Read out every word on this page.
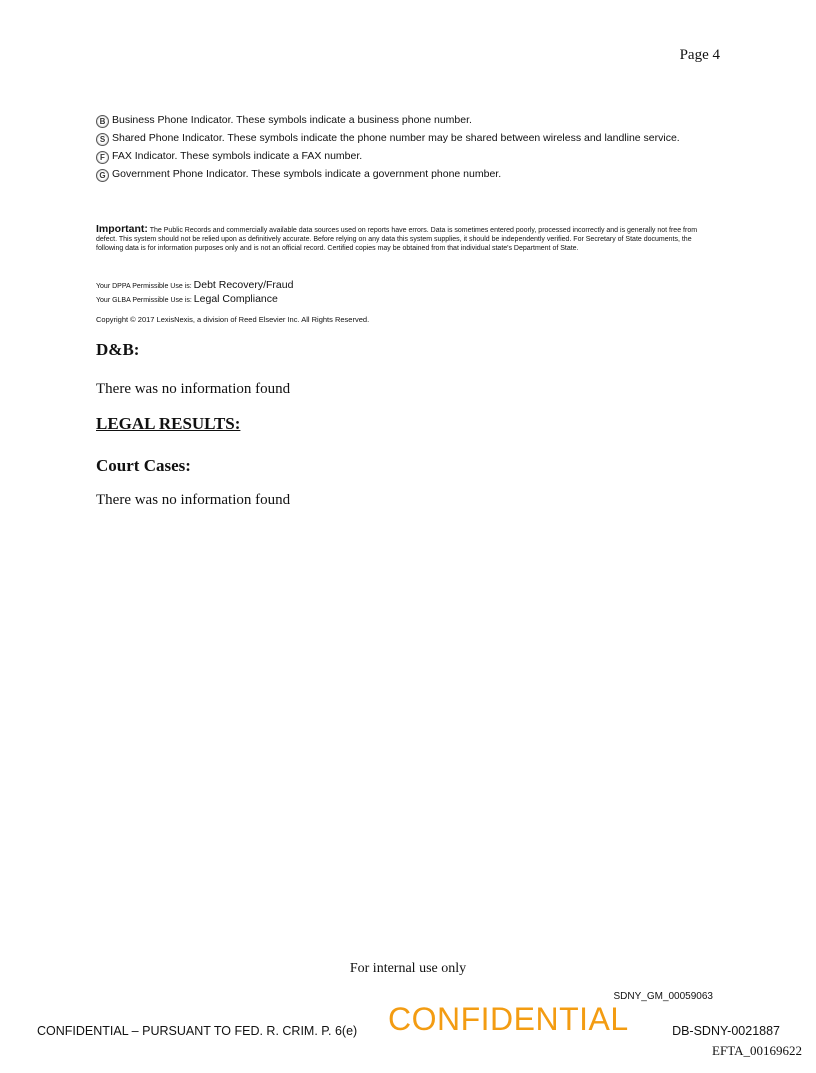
Page 4
B Business Phone Indicator. These symbols indicate a business phone number.
S Shared Phone Indicator. These symbols indicate the phone number may be shared between wireless and landline service.
F FAX Indicator. These symbols indicate a FAX number.
G Government Phone Indicator. These symbols indicate a government phone number.
Important: The Public Records and commercially available data sources used on reports have errors. Data is sometimes entered poorly, processed incorrectly and is generally not free from defect. This system should not be relied upon as definitively accurate. Before relying on any data this system supplies, it should be independently verified. For Secretary of State documents, the following data is for information purposes only and is not an official record. Certified copies may be obtained from that individual state's Department of State.
Your DPPA Permissible Use is: Debt Recovery/Fraud
Your GLBA Permissible Use is: Legal Compliance
Copyright © 2017 LexisNexis, a division of Reed Elsevier Inc. All Rights Reserved.
D&B:
There was no information found
LEGAL RESULTS:
Court Cases:
There was no information found
For internal use only
SDNY_GM_00059063
CONFIDENTIAL – PURSUANT TO FED. R. CRIM. P. 6(e) CONFIDENTIAL	DB-SDNY-0021887
EFTA_00169622
